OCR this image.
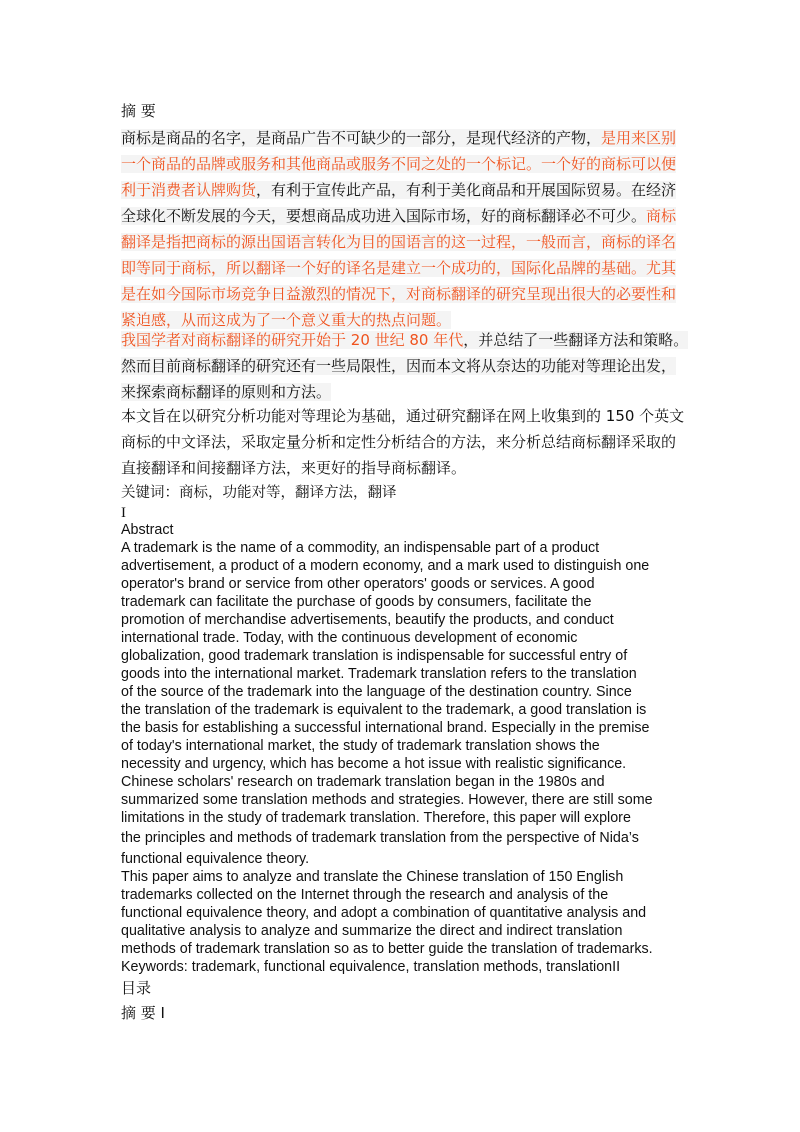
摘 要
商标是商品的名字，是商品广告不可缺少的一部分，是现代经济的产物，是用来区别
一个商品的品牌或服务和其他商品或服务不同之处的一个标记。一个好的商标可以便
利于消费者认牌购货，有利于宣传此产品，有利于美化商品和开展国际贸易。在经济
全球化不断发展的今天，要想商品成功进入国际市场，好的商标翻译必不可少。商标
翻译是指把商标的源出国语言转化为目的国语言的这一过程，一般而言，商标的译名
即等同于商标，所以翻译一个好的译名是建立一个成功的，国际化品牌的基础。尤其
是在如今国际市场竞争日益激烈的情况下，对商标翻译的研究呈现出很大的必要性和
紧迫感，从而这成为了一个意义重大的热点问题。
我国学者对商标翻译的研究开始于 20 世纪 80 年代，并总结了一些翻译方法和策略。
然而目前商标翻译的研究还有一些局限性，因而本文将从奈达的功能对等理论出发，
来探索商标翻译的原则和方法。
本文旨在以研究分析功能对等理论为基础，通过研究翻译在网上收集到的 150 个英文
商标的中文译法，采取定量分析和定性分析结合的方法，来分析总结商标翻译采取的
直接翻译和间接翻译方法，来更好的指导商标翻译。
关键词：商标，功能对等，翻译方法，翻译
I
Abstract
A trademark is the name of a commodity, an indispensable part of a product
advertisement, a product of a modern economy, and a mark used to distinguish one
operator's brand or service from other operators' goods or services. A good
trademark can facilitate the purchase of goods by consumers, facilitate the
promotion of merchandise advertisements, beautify the products, and conduct
international trade. Today, with the continuous development of economic
globalization, good trademark translation is indispensable for successful entry of
goods into the international market. Trademark translation refers to the translation
of the source of the trademark into the language of the destination country. Since
the translation of the trademark is equivalent to the trademark, a good translation is
the basis for establishing a successful international brand. Especially in the premise
of today's international market, the study of trademark translation shows the
necessity and urgency, which has become a hot issue with realistic significance.
Chinese scholars' research on trademark translation began in the 1980s and
summarized some translation methods and strategies. However, there are still some
limitations in the study of trademark translation. Therefore, this paper will explore
the principles and methods of trademark translation from the perspective of Nida’s
functional equivalence theory.
This paper aims to analyze and translate the Chinese translation of 150 English
trademarks collected on the Internet through the research and analysis of the
functional equivalence theory, and adopt a combination of quantitative analysis and
qualitative analysis to analyze and summarize the direct and indirect translation
methods of trademark translation so as to better guide the translation of trademarks.
Keywords: trademark, functional equivalence, translation methods, translationII
目录
摘 要 I
